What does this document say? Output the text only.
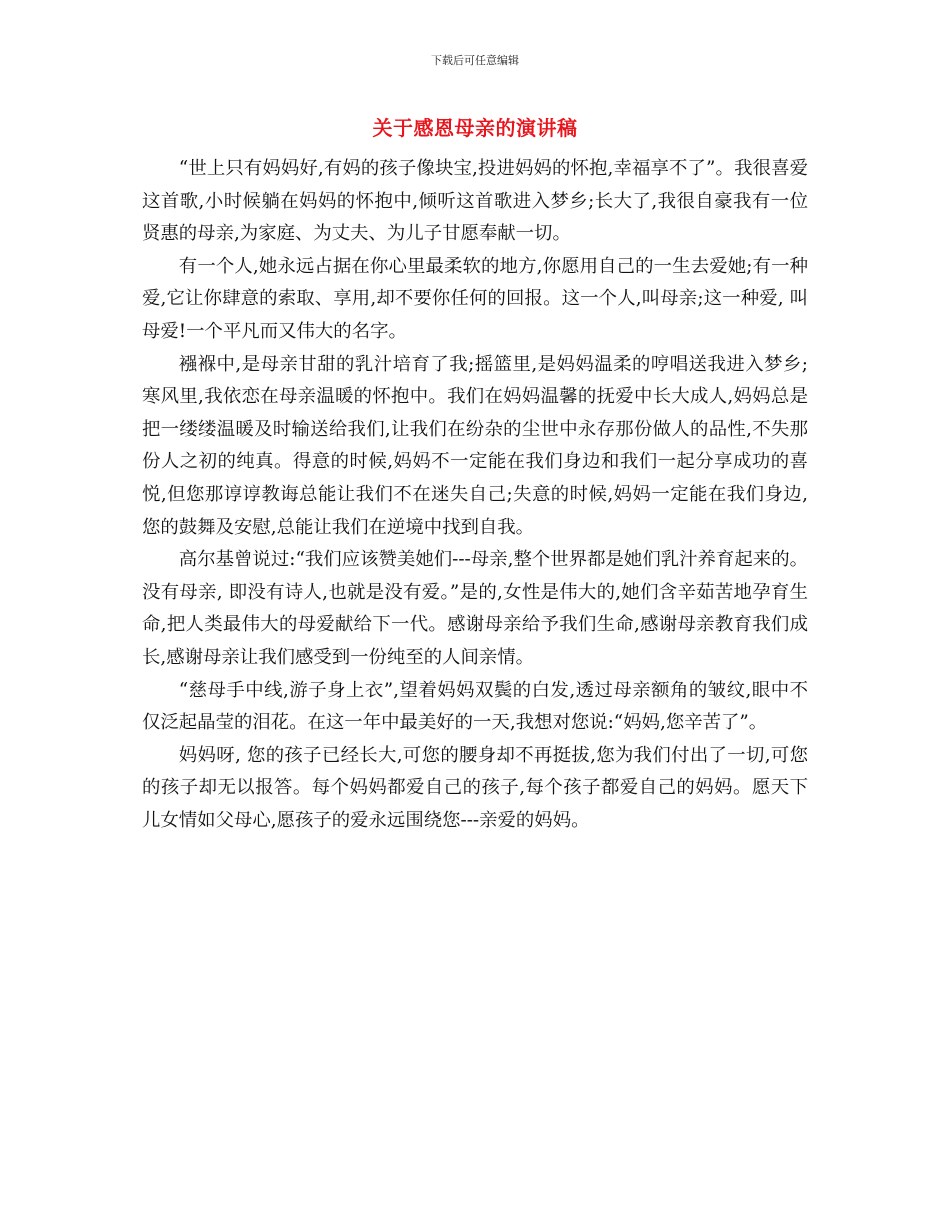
下载后可任意编辑
关于感恩母亲的演讲稿

“世上只有妈妈好,有妈的孩子像块宝,投进妈妈的怀抱,幸福享不了”。我很喜爱这首歌,小时候躺在妈妈的怀抱中,倾听这首歌进入梦乡;长大了,我很自豪我有一位贤惠的母亲,为家庭、为丈夫、为儿子甘愿奉献一切。

有一个人,她永远占据在你心里最柔软的地方,你愿用自己的一生去爱她;有一种爱,它让你肆意的索取、享用,却不要你任何的回报。这一个人,叫母亲;这一种爱, 叫母爱!一个平凡而又伟大的名字。

襁褓中,是母亲甘甜的乳汁培育了我;摇篮里,是妈妈温柔的哼唱送我进入梦乡;寒风里,我依恋在母亲温暖的怀抱中。我们在妈妈温馨的抚爱中长大成人,妈妈总是把一缕缕温暖及时输送给我们,让我们在纷杂的尘世中永存那份做人的品性,不失那份人之初的纯真。得意的时候,妈妈不一定能在我们身边和我们一起分享成功的喜悦,但您那谆谆教诲总能让我们不在迷失自己;失意的时候,妈妈一定能在我们身边,您的鼓舞及安慰,总能让我们在逆境中找到自我。

高尔基曾说过:“我们应该赞美她们---母亲,整个世界都是她们乳汁养育起来的。没有母亲, 即没有诗人,也就是没有爱。”是的,女性是伟大的,她们含辛茹苦地孕育生命,把人类最伟大的母爱献给下一代。感谢母亲给予我们生命,感谢母亲教育我们成长,感谢母亲让我们感受到一份纯至的人间亲情。

“慈母手中线,游子身上衣”,望着妈妈双鬓的白发,透过母亲额角的皱纹,眼中不仅泛起晶莹的泪花。在这一年中最美好的一天,我想对您说:“妈妈,您辛苦了”。

妈妈呀, 您的孩子已经长大,可您的腰身却不再挺拔,您为我们付出了一切,可您的孩子却无以报答。每个妈妈都爱自己的孩子,每个孩子都爱自己的妈妈。愿天下儿女情如父母心,愿孩子的爱永远围绕您---亲爱的妈妈。
